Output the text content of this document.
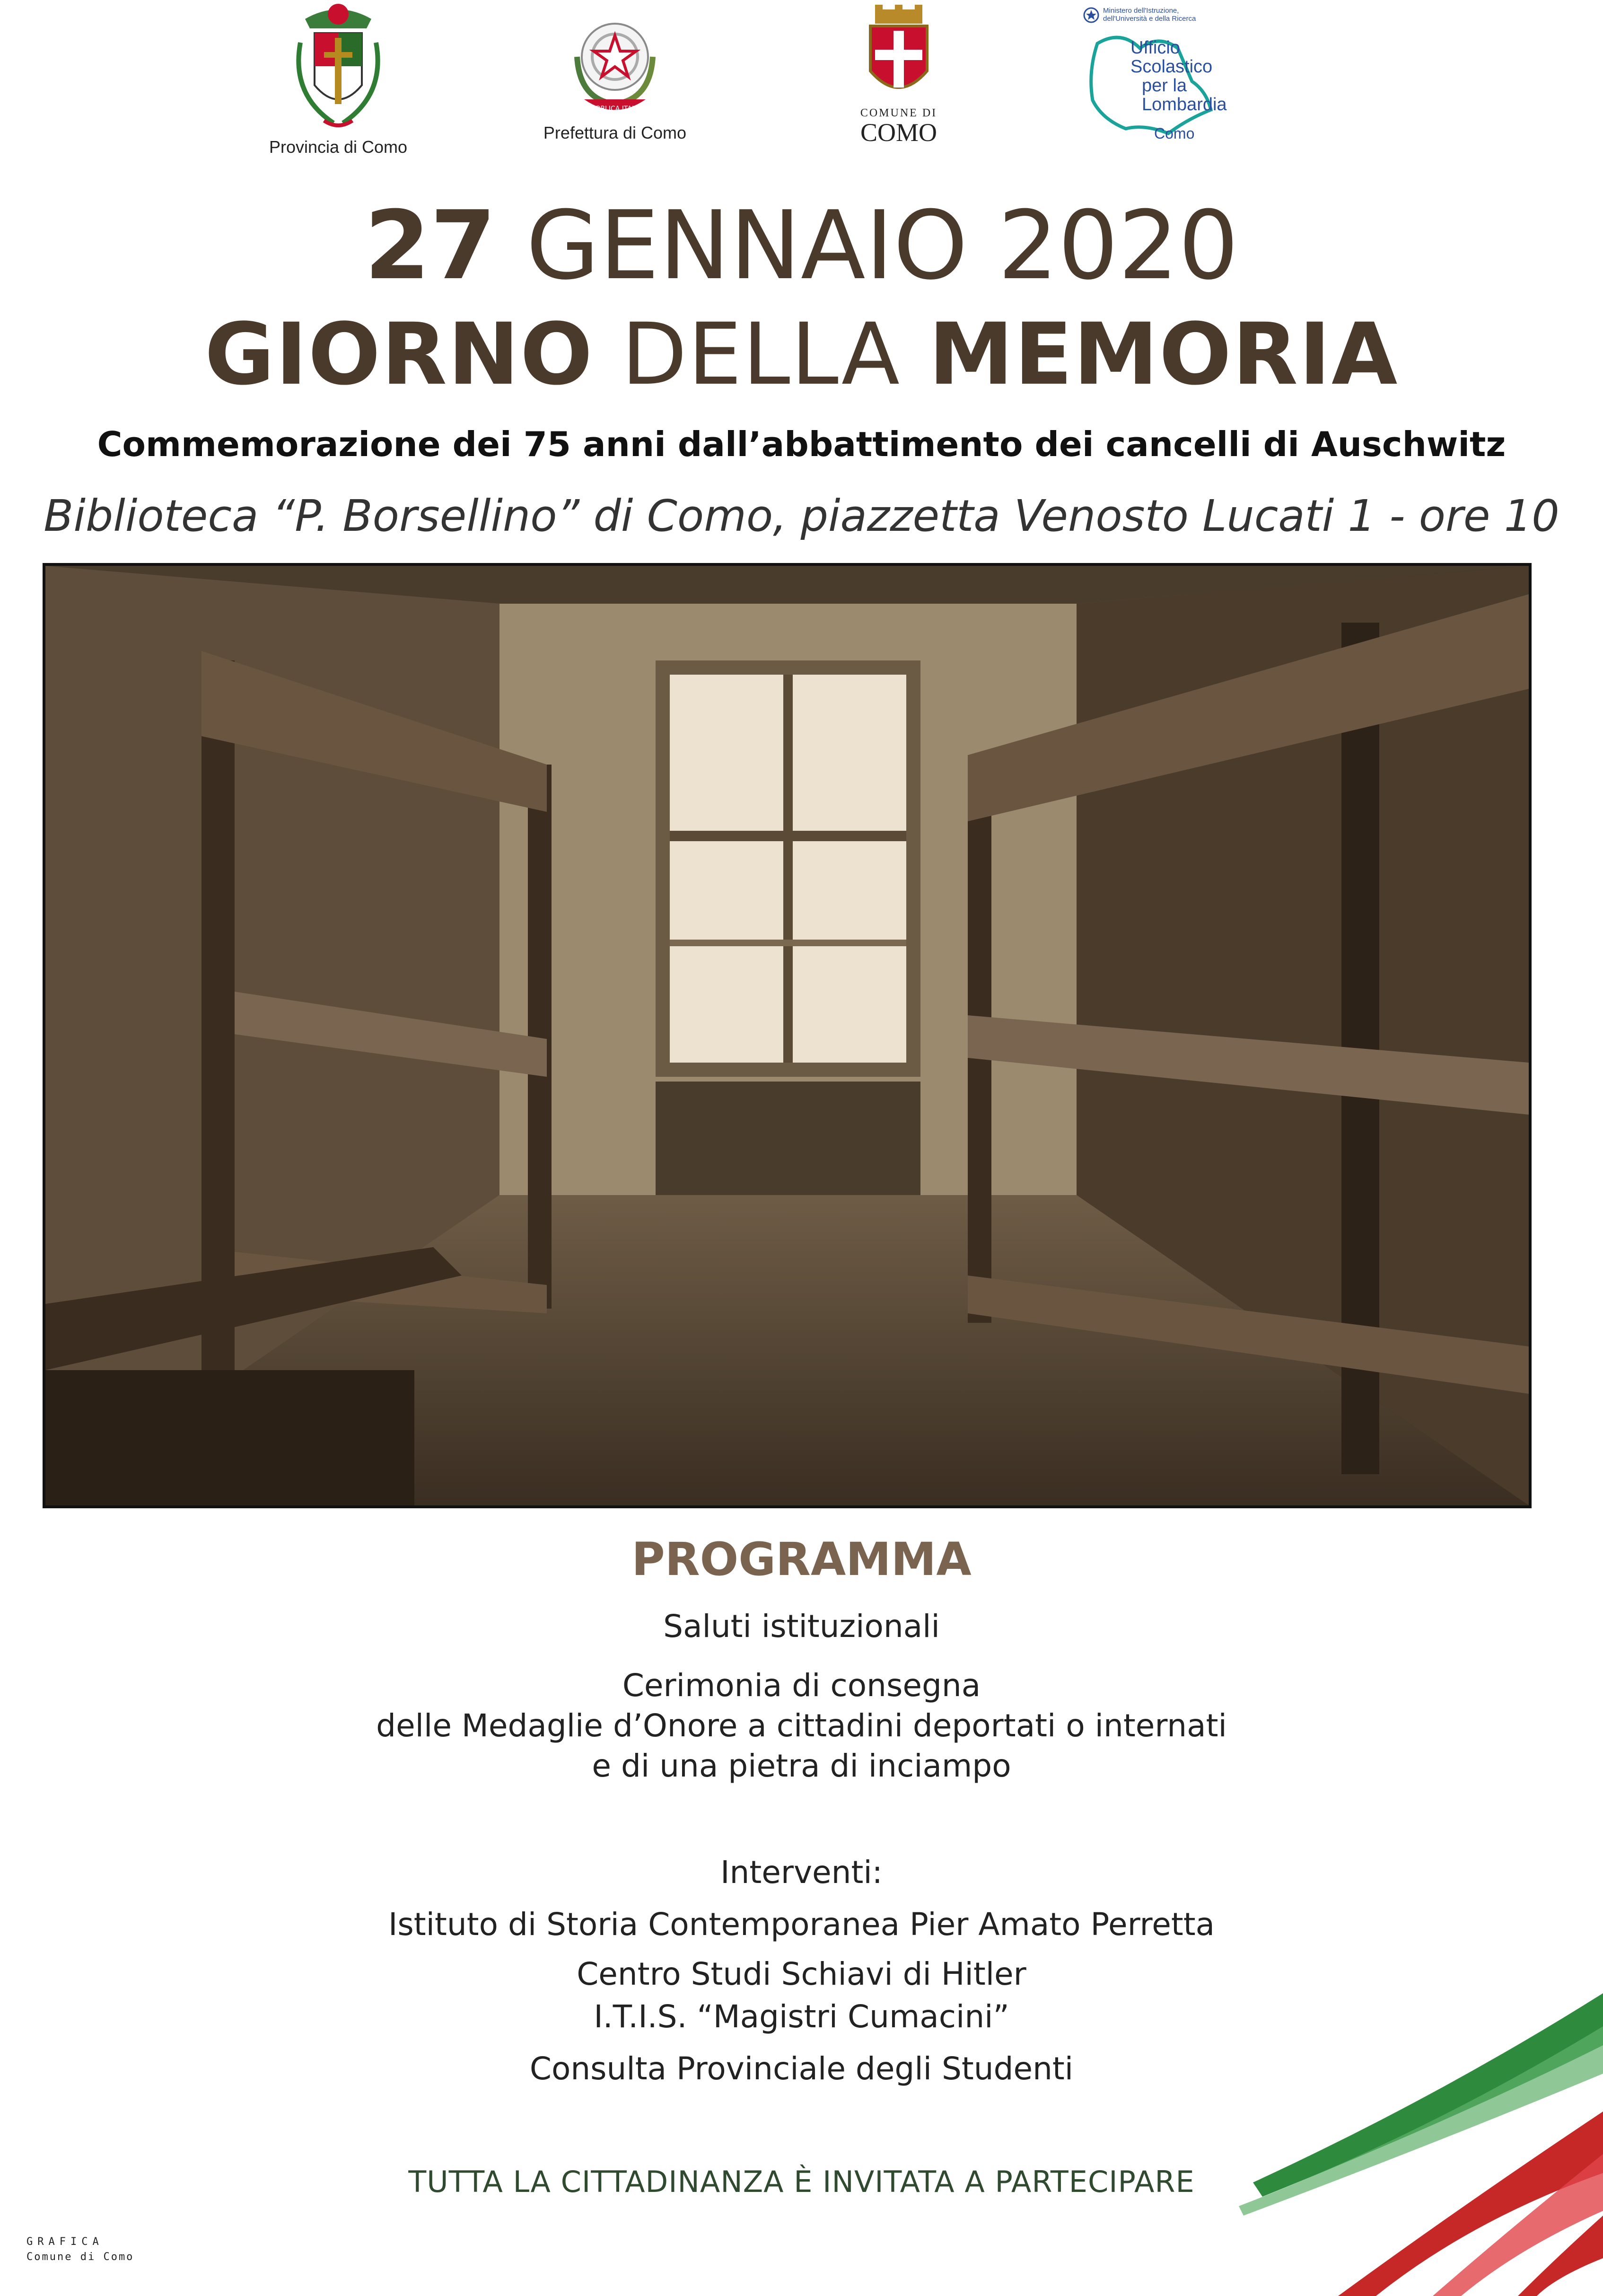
Provincia di Como
REPUBBLICA ITALIANA
Prefettura di Como
COMUNE DI
COMO
Ministero dell'Istruzione,
dell'Università e della Ricerca
Ufficio
Scolastico
per la
Lombardia
Como
27 GENNAIO 2020
GIORNO DELLA MEMORIA
Commemorazione dei 75 anni dall’abbattimento dei cancelli di Auschwitz
Biblioteca “P. Borsellino” di Como, piazzetta Venosto Lucati 1 - ore 10
PROGRAMMA
Saluti istituzionali
Cerimonia di consegna
delle Medaglie d’Onore a cittadini deportati o internati
e di una pietra di inciampo
Interventi:
Istituto di Storia Contemporanea Pier Amato Perretta
Centro Studi Schiavi di Hitler
I.T.I.S. “Magistri Cumacini”
Consulta Provinciale degli Studenti
TUTTA LA CITTADINANZA È INVITATA A PARTECIPARE
GRAFICA
Comune di Como
